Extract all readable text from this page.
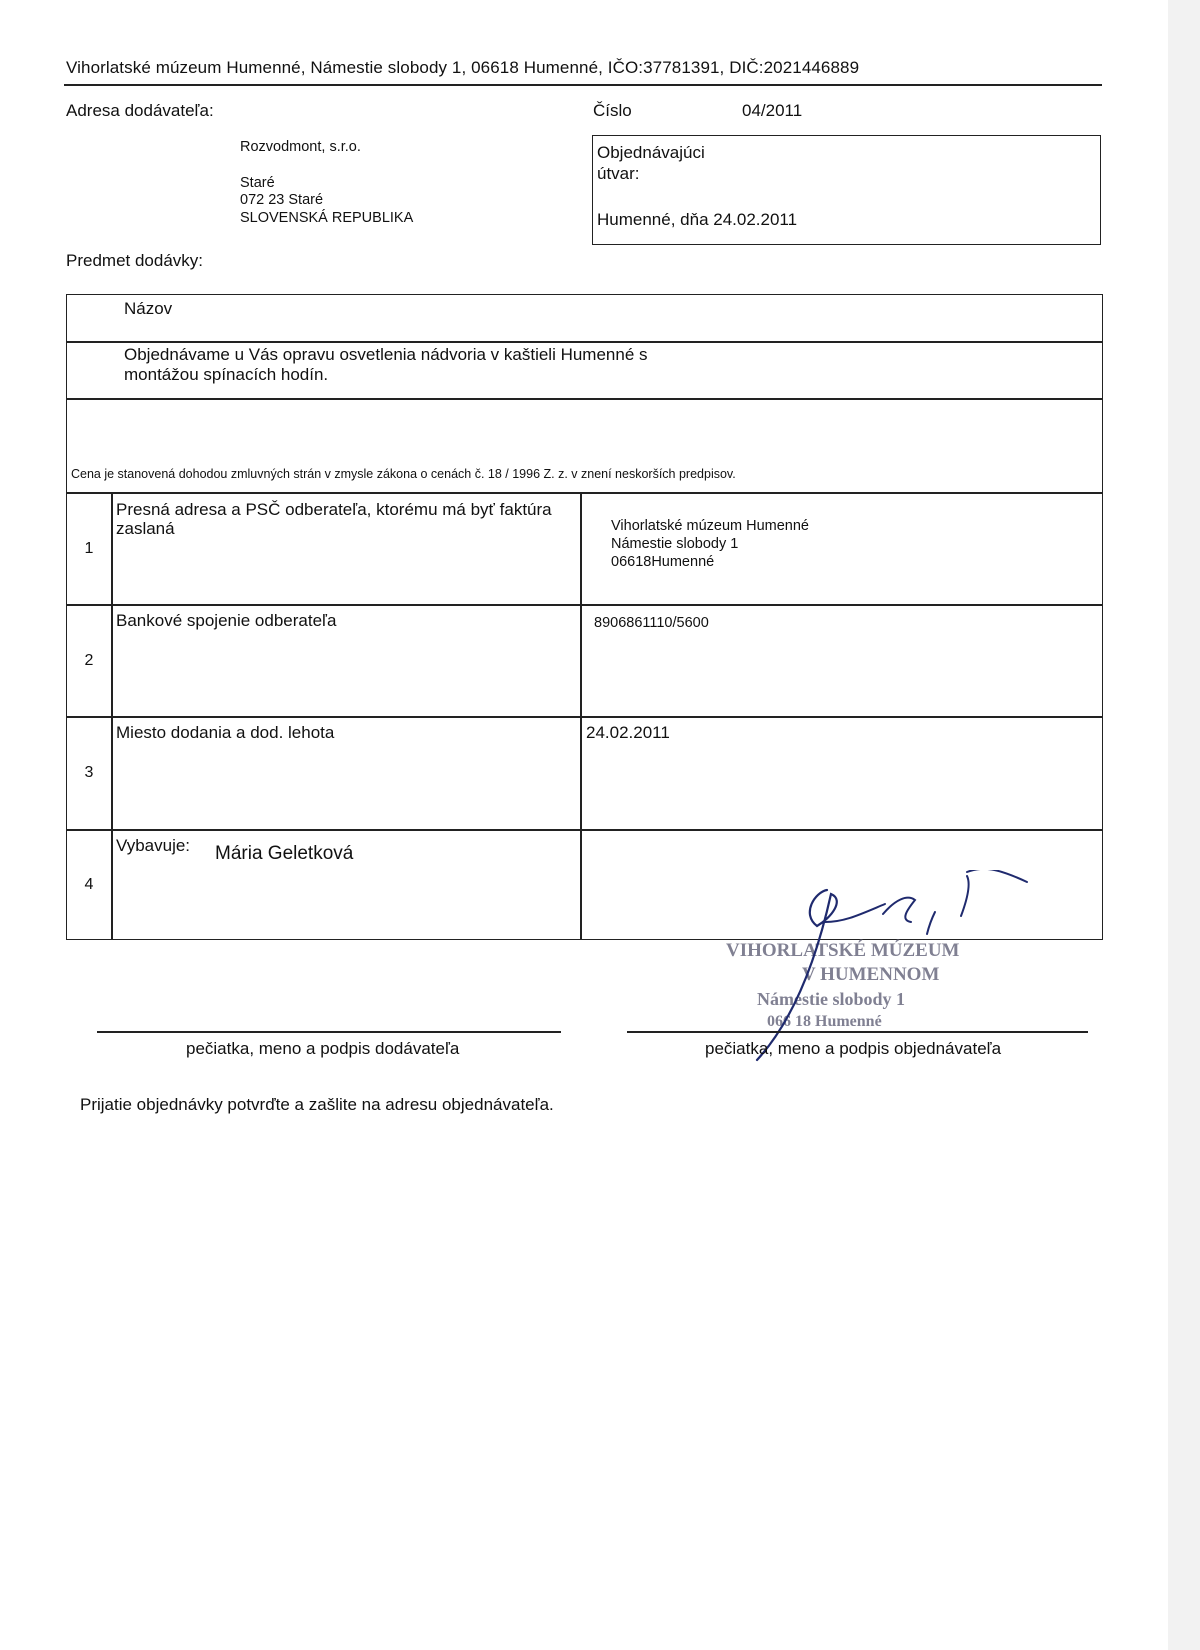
Vihorlatské múzeum Humenné, Námestie slobody 1, 06618 Humenné, IČO:37781391, DIČ:2021446889
Adresa dodávateľa:
Rozvodmont, s.r.o.
Staré
072 23 Staré
SLOVENSKÁ REPUBLIKA
Číslo	04/2011
Objednávajúci
útvar:
Humenné, dňa 24.02.2011
Predmet dodávky:
Názov
Objednávame u Vás opravu osvetlenia nádvoria v kaštieli Humenné s
montážou spínacích hodín.
Cena je stanovená dohodou zmluvných strán v zmysle zákona o cenách č. 18 / 1996 Z. z. v znení neskorších predpisov.
1
Presná adresa a PSČ odberateľa, ktorému má byť faktúra
zaslaná	Vihorlatské múzeum Humenné
Námestie slobody 1
06618Humenné
2
Bankové spojenie odberateľa	8906861110/5600
3
Miesto dodania a dod. lehota	24.02.2011
4
Vybavuje: Mária Geletková
VIHORLATSKÉ MÚZEUM
V HUMENNOM
Námestie slobody 1
066 18 Humenné
pečiatka, meno a podpis dodávateľa	pečiatka, meno a podpis objednávateľa
Prijatie objednávky potvrďte a zašlite na adresu objednávateľa.
